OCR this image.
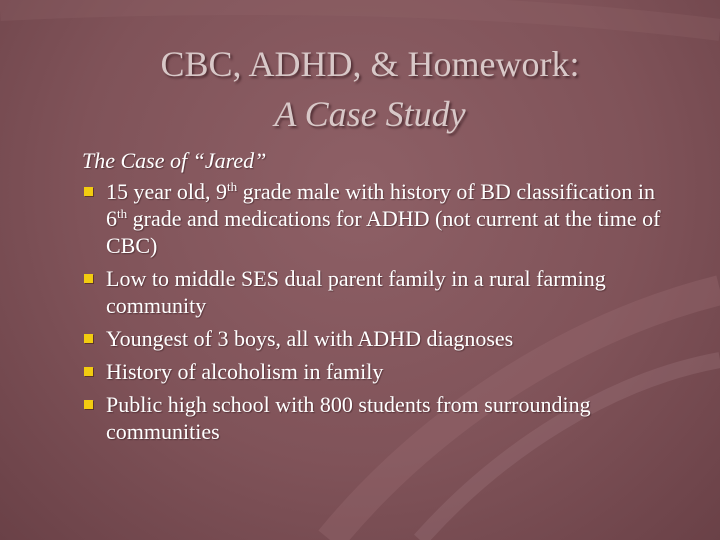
CBC, ADHD, & Homework:
A Case Study
The Case of “Jared”
15 year old, 9th grade male with history of BD classification in 6th grade and medications for ADHD (not current at the time of CBC)
Low to middle SES dual parent family in a rural farming community
Youngest of 3 boys, all with ADHD diagnoses
History of alcoholism in family
Public high school with 800 students from surrounding communities
